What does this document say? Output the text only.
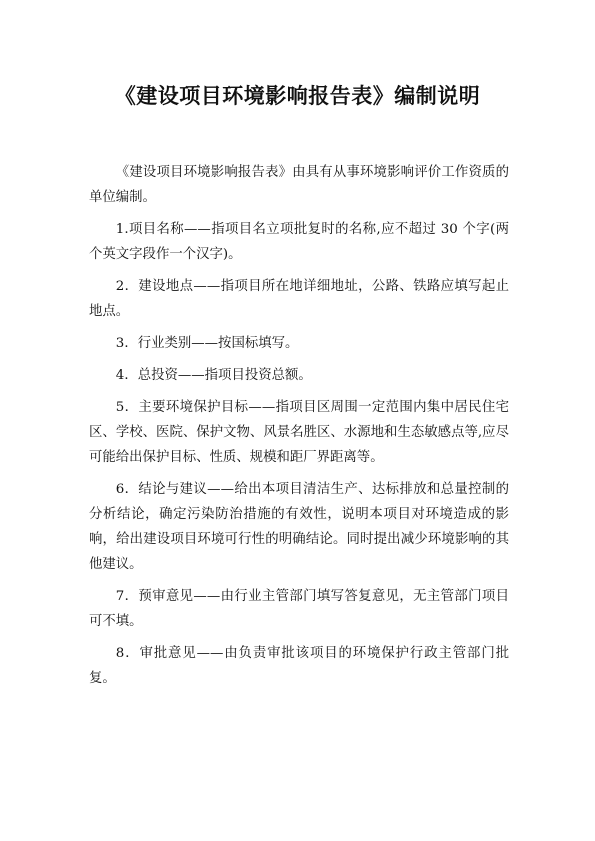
《建设项目环境影响报告表》编制说明

《建设项目环境影响报告表》由具有从事环境影响评价工作资质的单位编制。

1.项目名称——指项目名立项批复时的名称,应不超过 30 个字(两个英文字段作一个汉字)。

2．建设地点——指项目所在地详细地址，公路、铁路应填写起止地点。

3．行业类别——按国标填写。

4．总投资——指项目投资总额。

5．主要环境保护目标——指项目区周围一定范围内集中居民住宅区、学校、医院、保护文物、风景名胜区、水源地和生态敏感点等,应尽可能给出保护目标、性质、规模和距厂界距离等。

6．结论与建议——给出本项目清洁生产、达标排放和总量控制的分析结论，确定污染防治措施的有效性，说明本项目对环境造成的影响，给出建设项目环境可行性的明确结论。同时提出减少环境影响的其他建议。

7．预审意见——由行业主管部门填写答复意见，无主管部门项目可不填。

8．审批意见——由负责审批该项目的环境保护行政主管部门批复。
